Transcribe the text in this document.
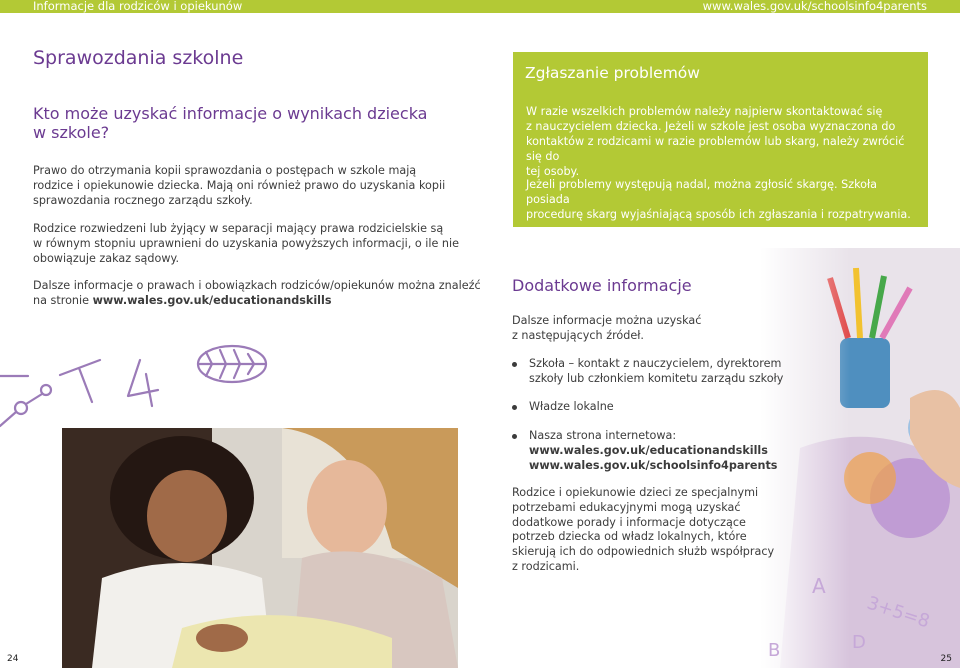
Informacje dla rodziców i opiekunów	www.wales.gov.uk/schoolsinfo4parents
Sprawozdania szkolne
Kto może uzyskać informacje o wynikach dziecka
w szkole?
Prawo do otrzymania kopii sprawozdania o postępach w szkole mają
rodzice i opiekunowie dziecka. Mają oni również prawo do uzyskania kopii
sprawozdania rocznego zarządu szkoły.
Rodzice rozwiedzeni lub żyjący w separacji mający prawa rodzicielskie są
w równym stopniu uprawnieni do uzyskania powyższych informacji, o ile nie
obowiązuje zakaz sądowy.
Dalsze informacje o prawach i obowiązkach rodziców/opiekunów można znaleźć
na stronie www.wales.gov.uk/educationandskills
Zgłaszanie problemów
W razie wszelkich problemów należy najpierw skontaktować się
z nauczycielem dziecka. Jeżeli w szkole jest osoba wyznaczona do
kontaktów z rodzicami w razie problemów lub skarg, należy zwrócić się do
tej osoby.
Jeżeli problemy występują nadal, można zgłosić skargę. Szkoła posiada
procedurę skarg wyjaśniającą sposób ich zgłaszania i rozpatrywania.
Dodatkowe informacje
Dalsze informacje można uzyskać
z następujących źródeł.
Szkoła – kontakt z nauczycielem, dyrektorem
szkoły lub członkiem komitetu zarządu szkoły
Władze lokalne
Nasza strona internetowa:
www.wales.gov.uk/educationandskills
www.wales.gov.uk/schoolsinfo4parents
Rodzice i opiekunowie dzieci ze specjalnymi
potrzebami edukacyjnymi mogą uzyskać
dodatkowe porady i informacje dotyczące
potrzeb dziecka od władz lokalnych, które
skierują ich do odpowiednich służb współpracy
z rodzicami.
A
3+5=8
D
B
24	25
